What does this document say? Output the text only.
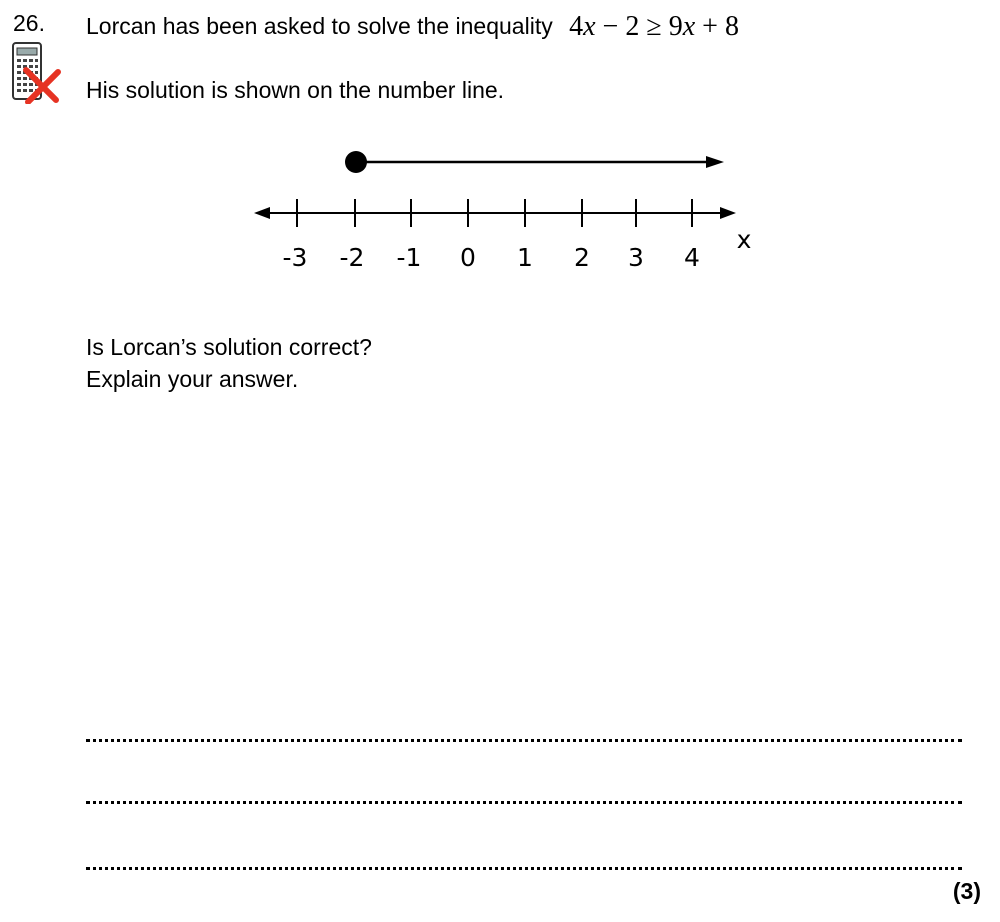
26. Lorcan has been asked to solve the inequality 4x − 2 ≥ 9x + 8
His solution is shown on the number line.
-3 -2 -1 0 1 2 3 4
x
Is Lorcan’s solution correct?
Explain your answer.
(3)
